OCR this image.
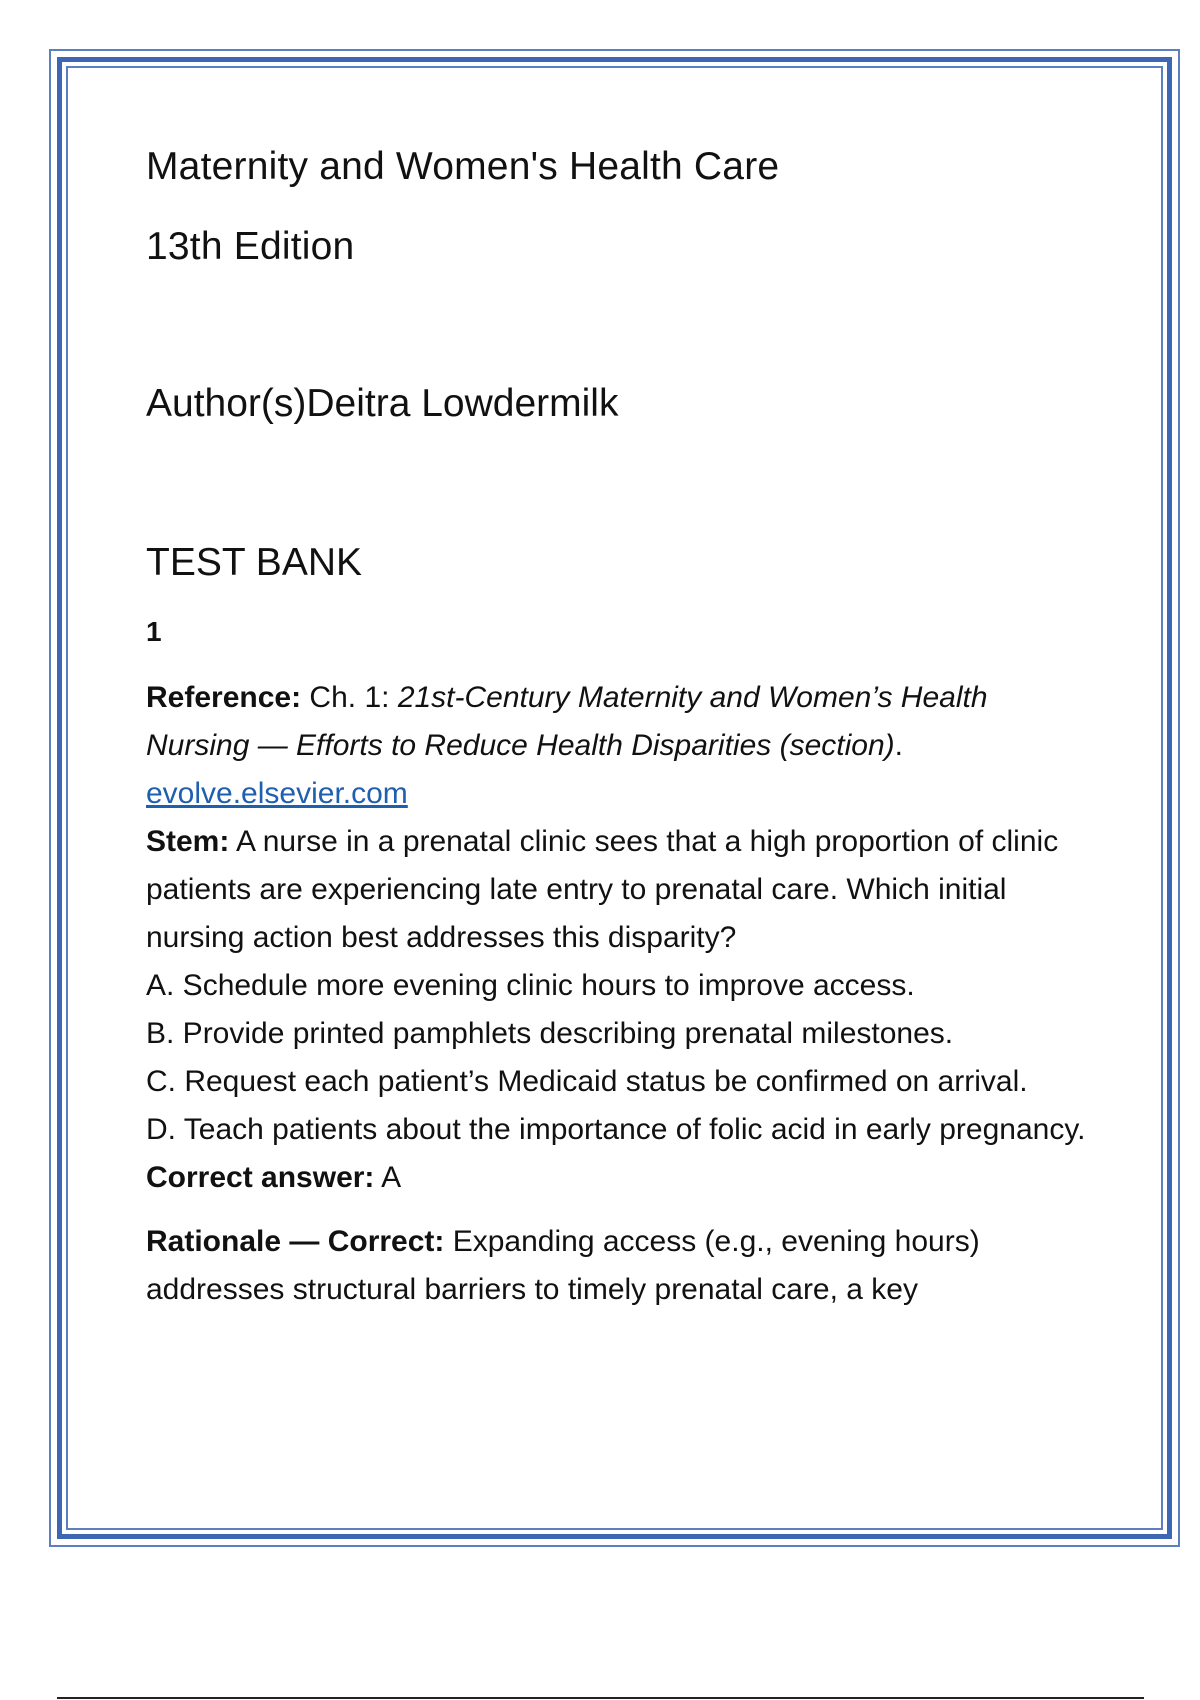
Maternity and Women's Health Care
13th Edition
Author(s)Deitra Lowdermilk
TEST BANK
1
Reference: Ch. 1: 21st-Century Maternity and Women’s Health Nursing — Efforts to Reduce Health Disparities (section).
evolve.elsevier.com
Stem: A nurse in a prenatal clinic sees that a high proportion of clinic patients are experiencing late entry to prenatal care. Which initial nursing action best addresses this disparity?
A. Schedule more evening clinic hours to improve access.
B. Provide printed pamphlets describing prenatal milestones.
C. Request each patient’s Medicaid status be confirmed on arrival.
D. Teach patients about the importance of folic acid in early pregnancy.
Correct answer: A
Rationale — Correct: Expanding access (e.g., evening hours) addresses structural barriers to timely prenatal care, a key
